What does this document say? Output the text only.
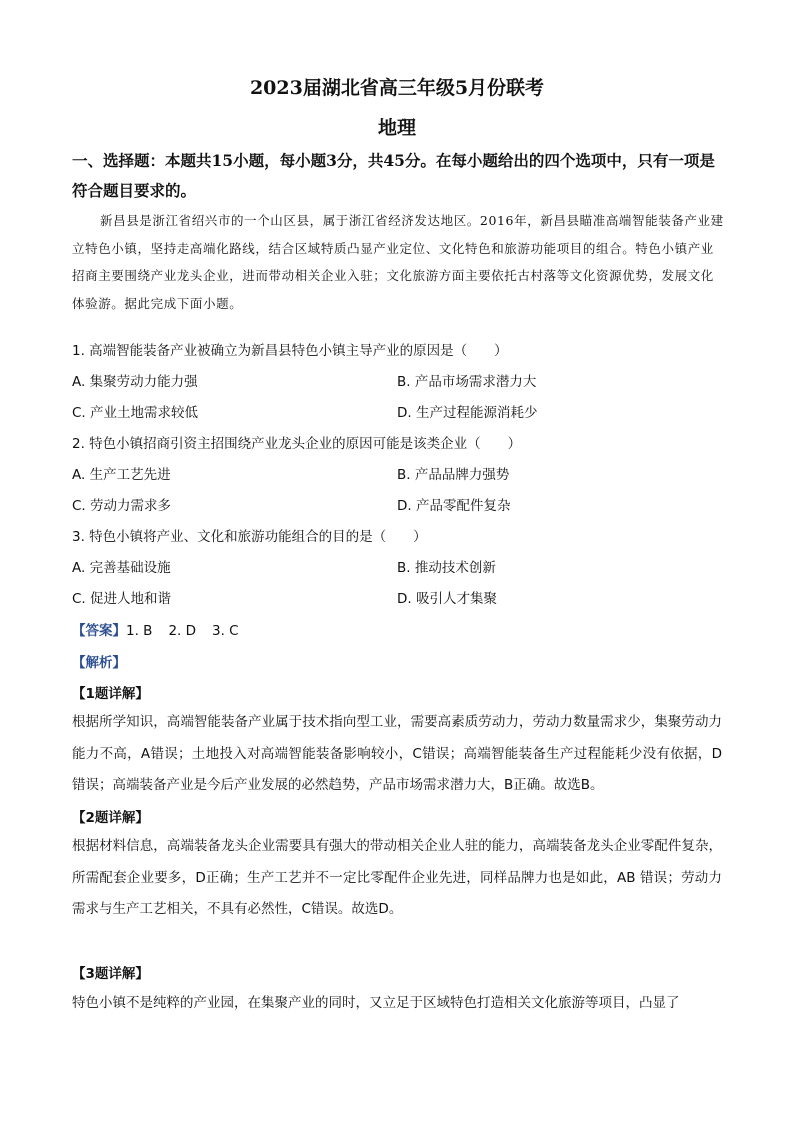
2023届湖北省高三年级5月份联考
地理
一、选择题：本题共15小题，每小题3分，共45分。在每小题给出的四个选项中，只有一项是符合题目要求的。
新昌县是浙江省绍兴市的一个山区县，属于浙江省经济发达地区。2016年，新昌县瞄准高端智能装备产业建立特色小镇，坚持走高端化路线，结合区域特质凸显产业定位、文化特色和旅游功能项目的组合。特色小镇产业招商主要围绕产业龙头企业，进而带动相关企业入驻；文化旅游方面主要依托古村落等文化资源优势，发展文化体验游。据此完成下面小题。
1. 高端智能装备产业被确立为新昌县特色小镇主导产业的原因是（　　）
A. 集聚劳动力能力强	B. 产品市场需求潜力大
C. 产业土地需求较低	D. 生产过程能源消耗少
2. 特色小镇招商引资主招围绕产业龙头企业的原因可能是该类企业（　　）
A. 生产工艺先进	B. 产品品牌力强势
C. 劳动力需求多	D. 产品零配件复杂
3. 特色小镇将产业、文化和旅游功能组合的目的是（　　）
A. 完善基础设施	B. 推动技术创新
C. 促进人地和谐	D. 吸引人才集聚
【答案】1. B 2. D 3. C
【解析】
【1题详解】
根据所学知识，高端智能装备产业属于技术指向型工业，需要高素质劳动力，劳动力数量需求少，集聚劳动力能力不高，A错误；土地投入对高端智能装备影响较小，C错误；高端智能装备生产过程能耗少没有依据，D错误；高端装备产业是今后产业发展的必然趋势，产品市场需求潜力大，B正确。故选B。
【2题详解】
根据材料信息，高端装备龙头企业需要具有强大的带动相关企业人驻的能力，高端装备龙头企业零配件复杂，所需配套企业要多，D正确；生产工艺并不一定比零配件企业先进，同样品牌力也是如此，AB 错误；劳动力需求与生产工艺相关，不具有必然性，C错误。故选D。
【3题详解】
特色小镇不是纯粹的产业园，在集聚产业的同时，又立足于区域特色打造相关文化旅游等项目，凸显了
